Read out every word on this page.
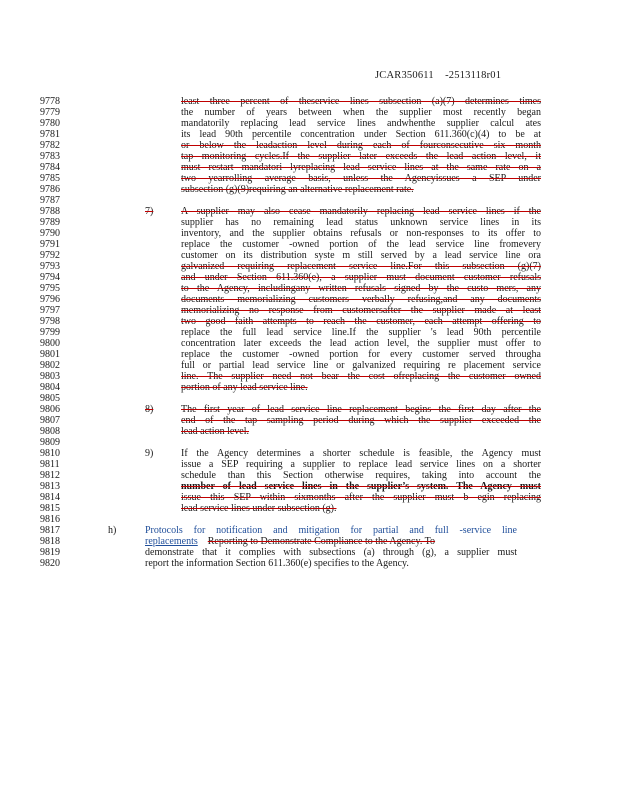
JCAR350611 -2513118r01
9778
9779
9780
9781
9782
9783
9784
9785
9786
9787
9788
9789
9790
9791
9792
9793
9794
9795
9796
9797
9798
9799
9800
9801
9802
9803
9804
9805
9806
9807
9808
9809
9810
9811
9812
9813
9814
9815
9816
9817
9818
9819
9820
least three percent of theservice lines subsection (a)(7) determines times
the number of years between when the supplier most recently began
mandatorily replacing lead service lines andwhenthe supplier calcul ates
its lead 90th percentile concentration under Section 611.360(c)(4) to be at
or below the leadaction level during each of fourconsecutive six month
tap monitoring cycles.If the supplier later exceeds the lead action level, it
must restart mandatori lyreplacing lead service lines at the same rate on a
two yearrolling average basis, unless the Agencyissues a SEP under
subsection (g)(9)requiring an alternative replacement rate.
7)	A supplier may also cease mandatorily replacing lead service lines if the
supplier has no remaining lead status unknown service lines in its
inventory, and the supplier obtains refusals or non-responses to its offer to
replace the customer -owned portion of the lead service line fromevery
customer on its distribution syste m still served by a lead service line ora
galvanized requiring replacement service line.For this subsection (g)(7)
and under Section 611.360(e), a supplier must document customer refusals
to the Agency, includingany written refusals signed by the custo mers, any
documents memorializing customers verbally refusing,and any documents
memorializing no response from customersafter the supplier made at least
two good faith attempts to reach the customer, each attempt offering to
replace the full lead service line.If the supplier 's lead 90th percentile
concentration later exceeds the lead action level, the supplier must offer to
replace the customer -owned portion for every customer served througha
full or partial lead service line or galvanized requiring re placement service
line. The supplier need not bear the cost ofreplacing the customer owned
portion of any lead service line.
8)	The first year of lead service line replacement begins the first day after the
end of the tap sampling period during which the supplier exceeded the
lead action level.
9)	If the Agency determines a shorter schedule is feasible, the Agency must
issue a SEP requiring a supplier to replace lead service lines on a shorter
schedule than this Section otherwise requires, taking into account the
number of lead service lines in the supplier’s system. The Agency must
issue this SEP within sixmonths after the supplier must b egin replacing
lead service lines under subsection (g).
h)	Protocols for notification and mitigation for partial and full -service line
replacements Reporting to Demonstrate Compliance to the Agency. To
demonstrate that it complies with subsections (a) through (g), a supplier must
report the information Section 611.360(e) specifies to the Agency.
